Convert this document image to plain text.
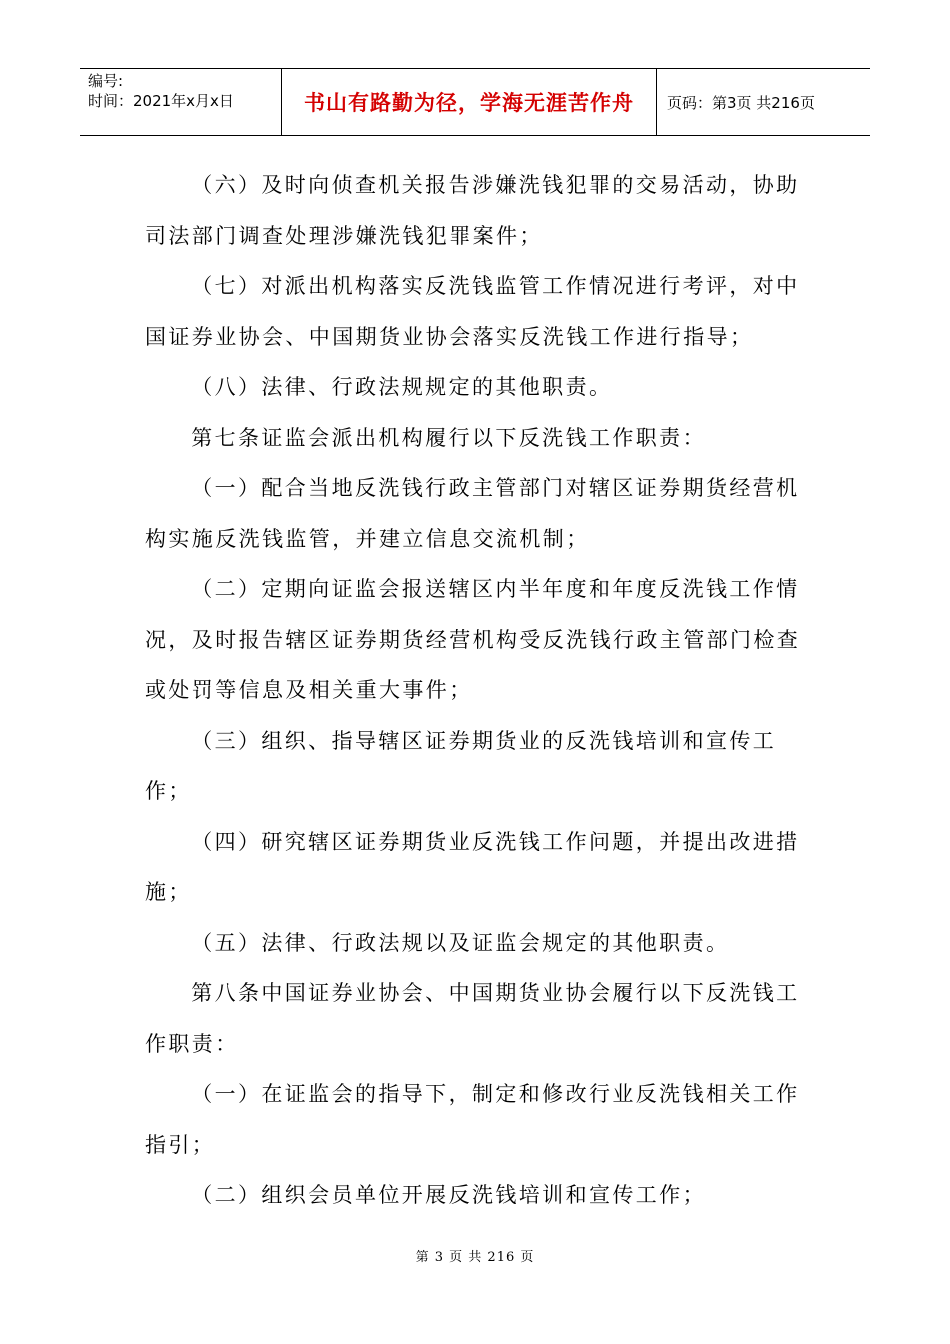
编号:
时间：2021年x月x日	书山有路勤为径，学海无涯苦作舟	页码：第3页 共216页

（六）及时向侦查机关报告涉嫌洗钱犯罪的交易活动，协助司法部门调查处理涉嫌洗钱犯罪案件；

（七）对派出机构落实反洗钱监管工作情况进行考评，对中国证券业协会、中国期货业协会落实反洗钱工作进行指导；

（八）法律、行政法规规定的其他职责。

第七条证监会派出机构履行以下反洗钱工作职责：

（一）配合当地反洗钱行政主管部门对辖区证券期货经营机构实施反洗钱监管，并建立信息交流机制；

（二）定期向证监会报送辖区内半年度和年度反洗钱工作情况，及时报告辖区证券期货经营机构受反洗钱行政主管部门检查或处罚等信息及相关重大事件；

（三）组织、指导辖区证券期货业的反洗钱培训和宣传工作；

（四）研究辖区证券期货业反洗钱工作问题，并提出改进措施；

（五）法律、行政法规以及证监会规定的其他职责。

第八条中国证券业协会、中国期货业协会履行以下反洗钱工作职责：

（一）在证监会的指导下，制定和修改行业反洗钱相关工作指引；

（二）组织会员单位开展反洗钱培训和宣传工作；

第 3 页 共 216 页
